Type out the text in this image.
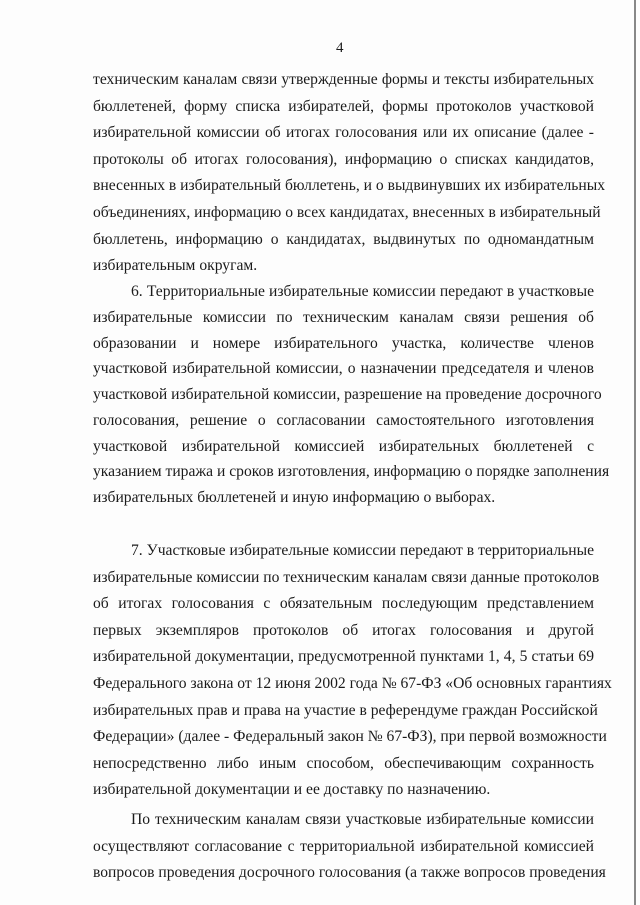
4
техническим каналам связи утвержденные формы и тексты избирательных
бюллетеней, форму списка избирателей, формы протоколов участковой
избирательной комиссии об итогах голосования или их описание (далее -
протоколы об итогах голосования), информацию о списках кандидатов,
внесенных в избирательный бюллетень, и о выдвинувших их избирательных
объединениях, информацию о всех кандидатах, внесенных в избирательный
бюллетень, информацию о кандидатах, выдвинутых по одномандатным
избирательным округам.
6. Территориальные избирательные комиссии передают в участковые
избирательные комиссии по техническим каналам связи решения об
образовании и номере избирательного участка, количестве членов
участковой избирательной комиссии, о назначении председателя и членов
участковой избирательной комиссии, разрешение на проведение досрочного
голосования, решение о согласовании самостоятельного изготовления
участковой избирательной комиссией избирательных бюллетеней с
указанием тиража и сроков изготовления, информацию о порядке заполнения
избирательных бюллетеней и иную информацию о выборах.
7. Участковые избирательные комиссии передают в территориальные
избирательные комиссии по техническим каналам связи данные протоколов
об итогах голосования с обязательным последующим представлением
первых экземпляров протоколов об итогах голосования и другой
избирательной документации, предусмотренной пунктами 1, 4, 5 статьи 69
Федерального закона от 12 июня 2002 года № 67-ФЗ «Об основных гарантиях
избирательных прав и права на участие в референдуме граждан Российской
Федерации» (далее - Федеральный закон № 67-ФЗ), при первой возможности
непосредственно либо иным способом, обеспечивающим сохранность
избирательной документации и ее доставку по назначению.
По техническим каналам связи участковые избирательные комиссии
осуществляют согласование с территориальной избирательной комиссией
вопросов проведения досрочного голосования (а также вопросов проведения
